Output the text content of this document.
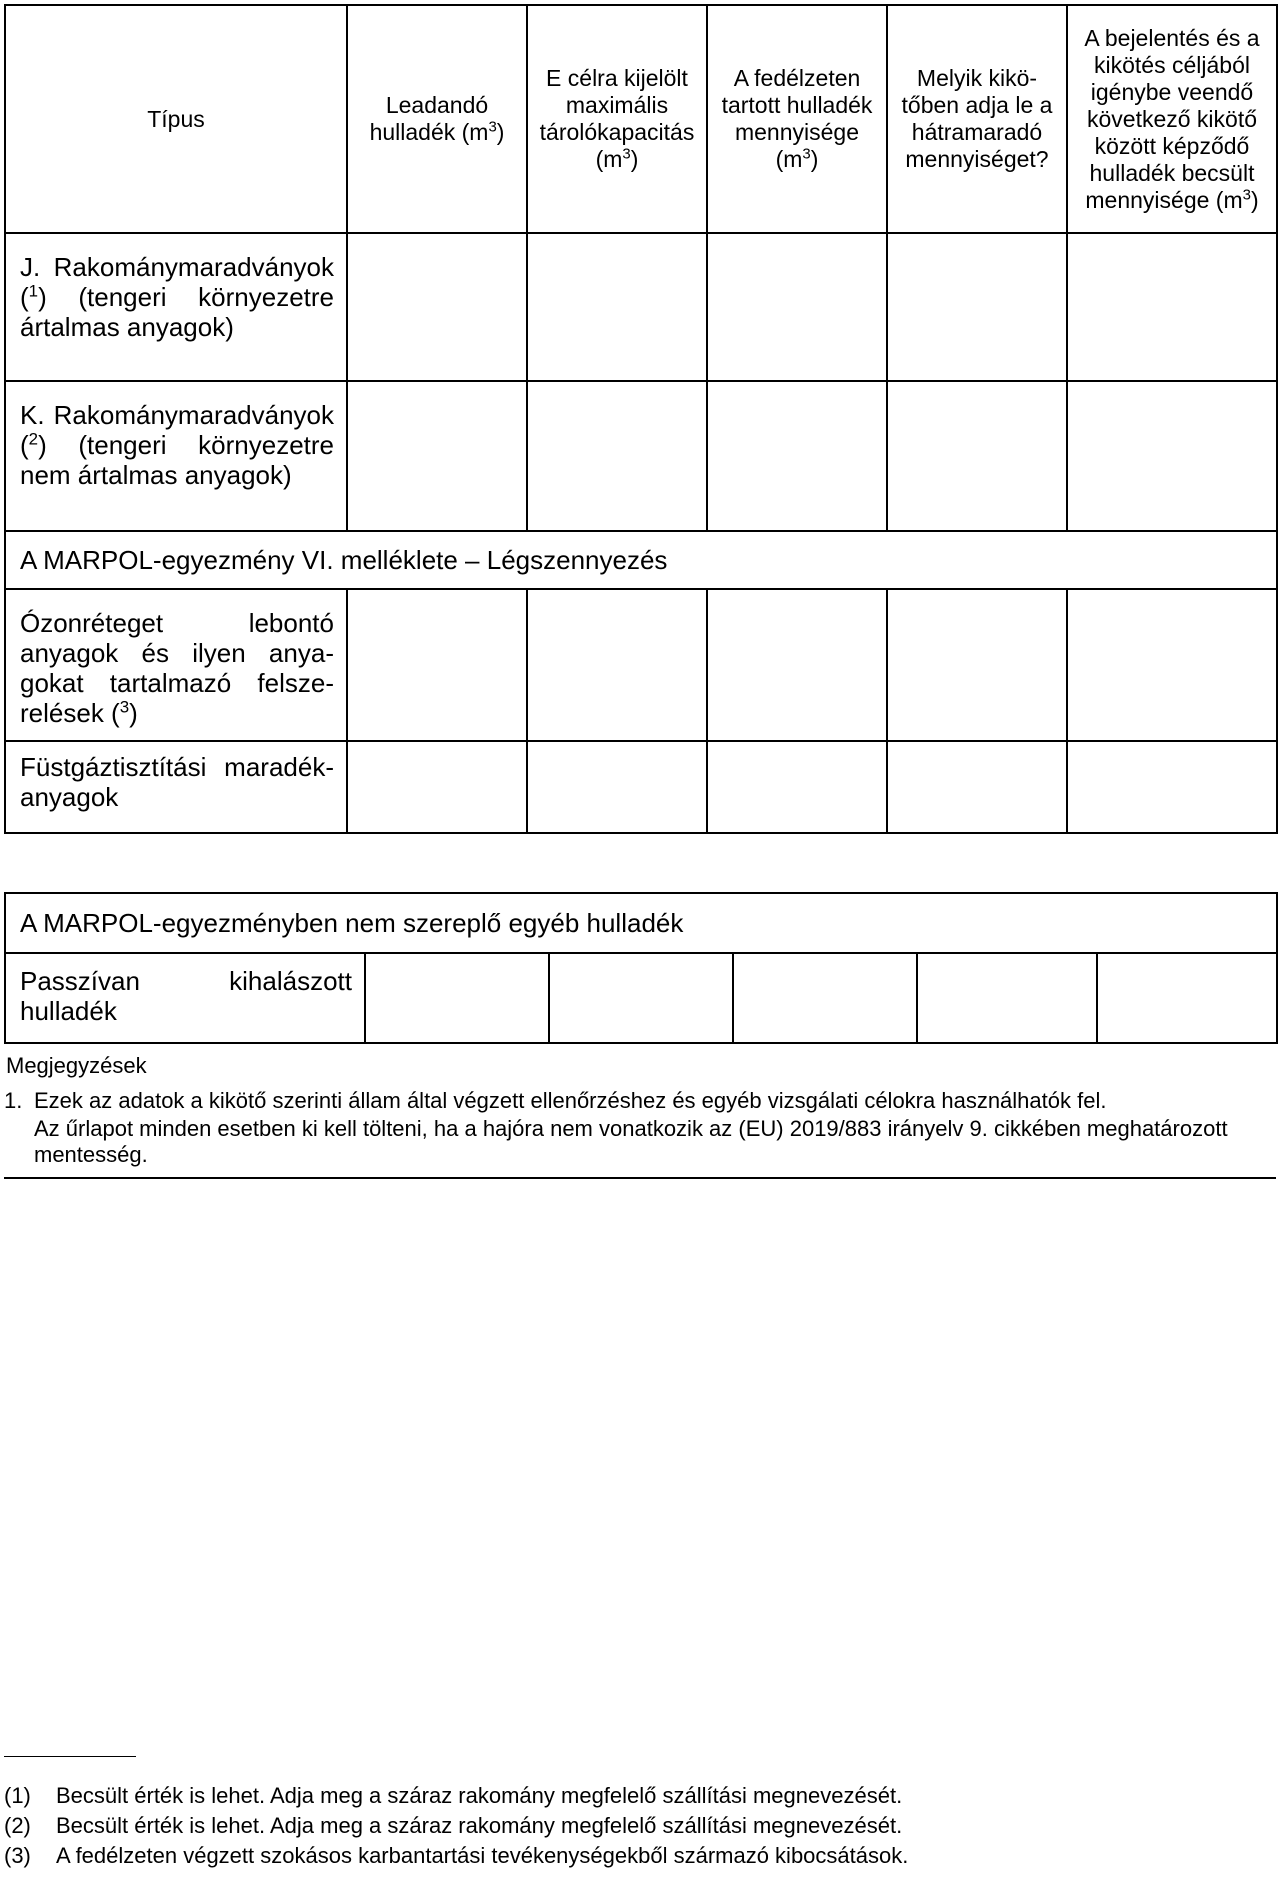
Típus	Leadandó hulladék $(m^3)$	E célra kijelölt maximális tárolókapacitás $(m^3)$	A fedélzeten tartott hulladék mennyisége $(m^3)$	Melyik kikötőben adja le a hátramaradó mennyiséget?	A bejelentés és a kikötés céljából igénybe veendő következő kikötő között képződő hulladék becsült mennyisége $(m^3)$
J. Rakománymaradványok ($^1$) (tengeri környezetre ártalmas anyagok)					
K. Rakománymaradványok ($^2$) (tengeri környezetre nem ártalmas anyagok)					
A MARPOL-egyezmény VI. melléklete – Légszennyezés					
Ózonréteget lebontó anyagok és ilyen anyagokat tartalmazó felszerelések ($^3$)					
Füstgáztisztítási maradékanyagok					
A MARPOL-egyezményben nem szereplő egyéb hulladék
Passzívan kihalászott hulladék					
Megjegyzések
1. Ezek az adatok a kikötő szerinti állam által végzett ellenőrzéshez és egyéb vizsgálati célokra használhatók fel.
Az űrlapot minden esetben ki kell tölteni, ha a hajóra nem vonatkozik az (EU) 2019/883 irányelv 9. cikkében meghatározott mentesség.
(1) Becsült érték is lehet. Adja meg a száraz rakomány megfelelő szállítási megnevezését.
(2) Becsült érték is lehet. Adja meg a száraz rakomány megfelelő szállítási megnevezését.
(3) A fedélzeten végzett szokásos karbantartási tevékenységekből származó kibocsátások.
